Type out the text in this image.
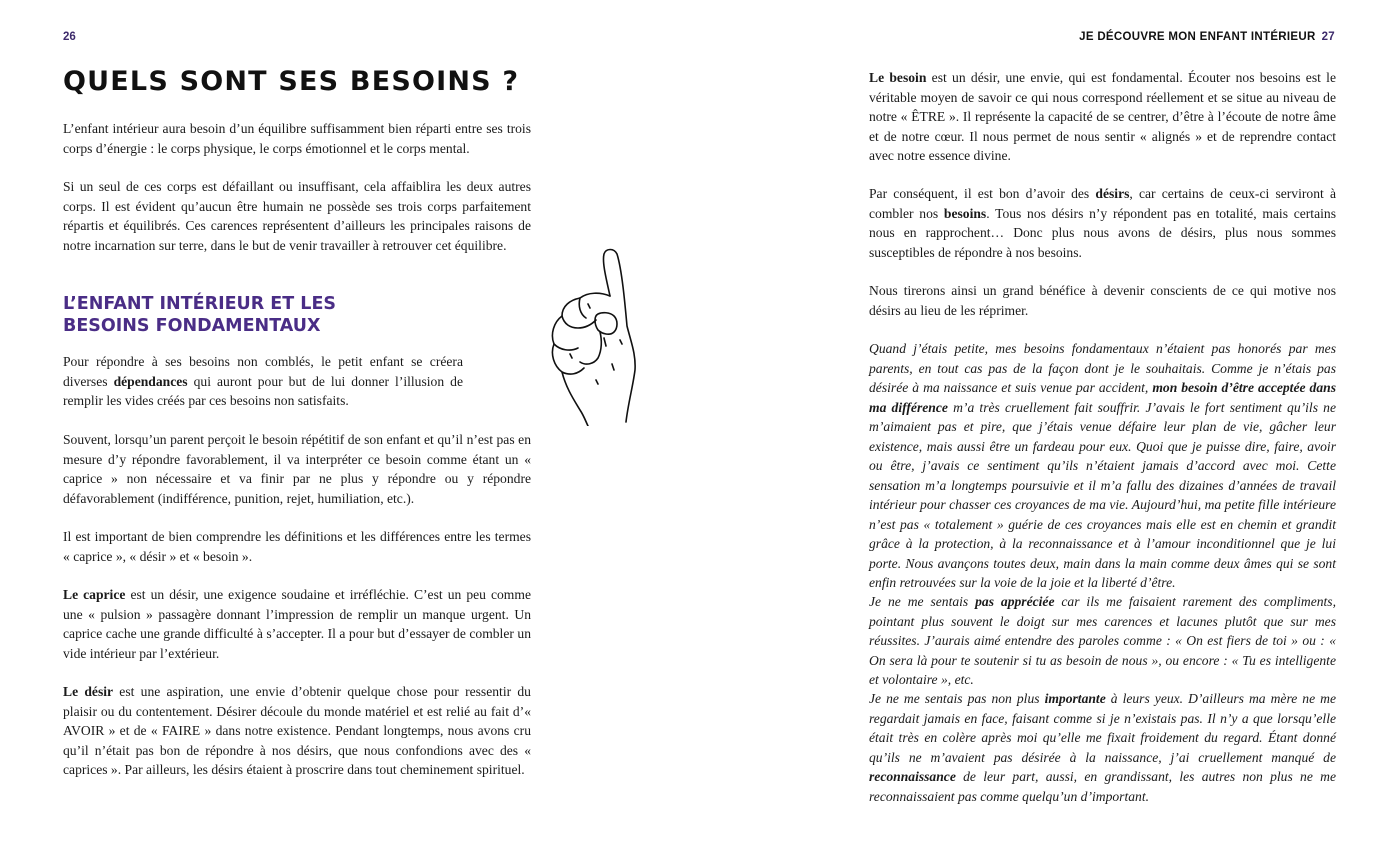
26
QUELS SONT SES BESOINS ?

L’enfant intérieur aura besoin d’un équilibre suffisamment bien réparti entre ses trois corps d’énergie : le corps physique, le corps émotionnel et le corps mental.

Si un seul de ces corps est défaillant ou insuffisant, cela affaiblira les deux autres corps. Il est évident qu’aucun être humain ne possède ses trois corps parfaitement répartis et équilibrés. Ces carences représentent d’ailleurs les principales raisons de notre incarnation sur terre, dans le but de venir travailler à retrouver cet équilibre.

L’ENFANT INTÉRIEUR ET LES BESOINS FONDAMENTAUX

Pour répondre à ses besoins non comblés, le petit enfant se créera diverses dépendances qui auront pour but de lui donner l’illusion de remplir les vides créés par ces besoins non satisfaits.

Souvent, lorsqu’un parent perçoit le besoin répétitif de son enfant et qu’il n’est pas en mesure d’y répondre favorablement, il va interpréter ce besoin comme étant un « caprice » non nécessaire et va finir par ne plus y répondre ou y répondre défavorablement (indifférence, punition, rejet, humiliation, etc.).

Il est important de bien comprendre les définitions et les différences entre les termes « caprice », « désir » et « besoin ».

Le caprice est un désir, une exigence soudaine et irréfléchie. C’est un peu comme une « pulsion » passagère donnant l’impression de remplir un manque urgent. Un caprice cache une grande difficulté à s’accepter. Il a pour but d’essayer de combler un vide intérieur par l’extérieur.

Le désir est une aspiration, une envie d’obtenir quelque chose pour ressentir du plaisir ou du contentement. Désirer découle du monde matériel et est relié au fait d’« AVOIR » et de « FAIRE » dans notre existence. Pendant longtemps, nous avons cru qu’il n’était pas bon de répondre à nos désirs, que nous confondions avec des « caprices ». Par ailleurs, les désirs étaient à proscrire dans tout cheminement spirituel.

JE DÉCOUVRE MON ENFANT INTÉRIEUR 27

Le besoin est un désir, une envie, qui est fondamental. Écouter nos besoins est le véritable moyen de savoir ce qui nous correspond réellement et se situe au niveau de notre « ÊTRE ». Il représente la capacité de se centrer, d’être à l’écoute de notre âme et de notre cœur. Il nous permet de nous sentir « alignés » et de reprendre contact avec notre essence divine.

Par conséquent, il est bon d’avoir des désirs, car certains de ceux-ci serviront à combler nos besoins. Tous nos désirs n’y répondent pas en totalité, mais certains nous en rapprochent… Donc plus nous avons de désirs, plus nous sommes susceptibles de répondre à nos besoins.

Nous tirerons ainsi un grand bénéfice à devenir conscients de ce qui motive nos désirs au lieu de les réprimer.

Quand j’étais petite, mes besoins fondamentaux n’étaient pas honorés par mes parents, en tout cas pas de la façon dont je le souhaitais. Comme je n’étais pas désirée à ma naissance et suis venue par accident, mon besoin d’être acceptée dans ma différence m’a très cruellement fait souffrir. J’avais le fort sentiment qu’ils ne m’aimaient pas et pire, que j’étais venue défaire leur plan de vie, gâcher leur existence, mais aussi être un fardeau pour eux. Quoi que je puisse dire, faire, avoir ou être, j’avais ce sentiment qu’ils n’étaient jamais d’accord avec moi. Cette sensation m’a longtemps poursuivie et il m’a fallu des dizaines d’années de travail intérieur pour chasser ces croyances de ma vie. Aujourd’hui, ma petite fille intérieure n’est pas « totalement » guérie de ces croyances mais elle est en chemin et grandit grâce à la protection, à la reconnaissance et à l’amour inconditionnel que je lui porte. Nous avançons toutes deux, main dans la main comme deux âmes qui se sont enfin retrouvées sur la voie de la joie et la liberté d’être.

Je ne me sentais pas appréciée car ils me faisaient rarement des compliments, pointant plus souvent le doigt sur mes carences et lacunes plutôt que sur mes réussites. J’aurais aimé entendre des paroles comme : « On est fiers de toi » ou : « On sera là pour te soutenir si tu as besoin de nous », ou encore : « Tu es intelligente et volontaire », etc.

Je ne me sentais pas non plus importante à leurs yeux. D’ailleurs ma mère ne me regardait jamais en face, faisant comme si je n’existais pas. Il n’y a que lorsqu’elle était très en colère après moi qu’elle me fixait froidement du regard. Étant donné qu’ils ne m’avaient pas désirée à la naissance, j’ai cruellement manqué de reconnaissance de leur part, aussi, en grandissant, les autres non plus ne me reconnaissaient pas comme quelqu’un d’important.
